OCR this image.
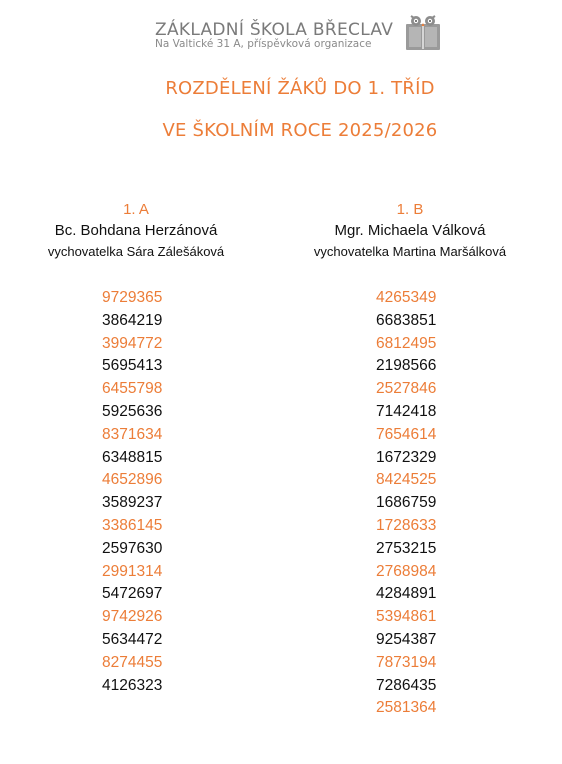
ZÁKLADNÍ ŠKOLA BŘECLAV
Na Valtické 31 A, příspěvková organizace
ROZDĚLENÍ ŽÁKŮ DO 1. TŘÍD
VE ŠKOLNÍM ROCE 2025/2026
1. A
Bc. Bohdana Herzánová
vychovatelka Sára Zálešáková
9729365
3864219
3994772
5695413
6455798
5925636
8371634
6348815
4652896
3589237
3386145
2597630
2991314
5472697
9742926
5634472
8274455
4126323
1. B
Mgr. Michaela Válková
vychovatelka Martina Maršálková
4265349
6683851
6812495
2198566
2527846
7142418
7654614
1672329
8424525
1686759
1728633
2753215
2768984
4284891
5394861
9254387
7873194
7286435
2581364
